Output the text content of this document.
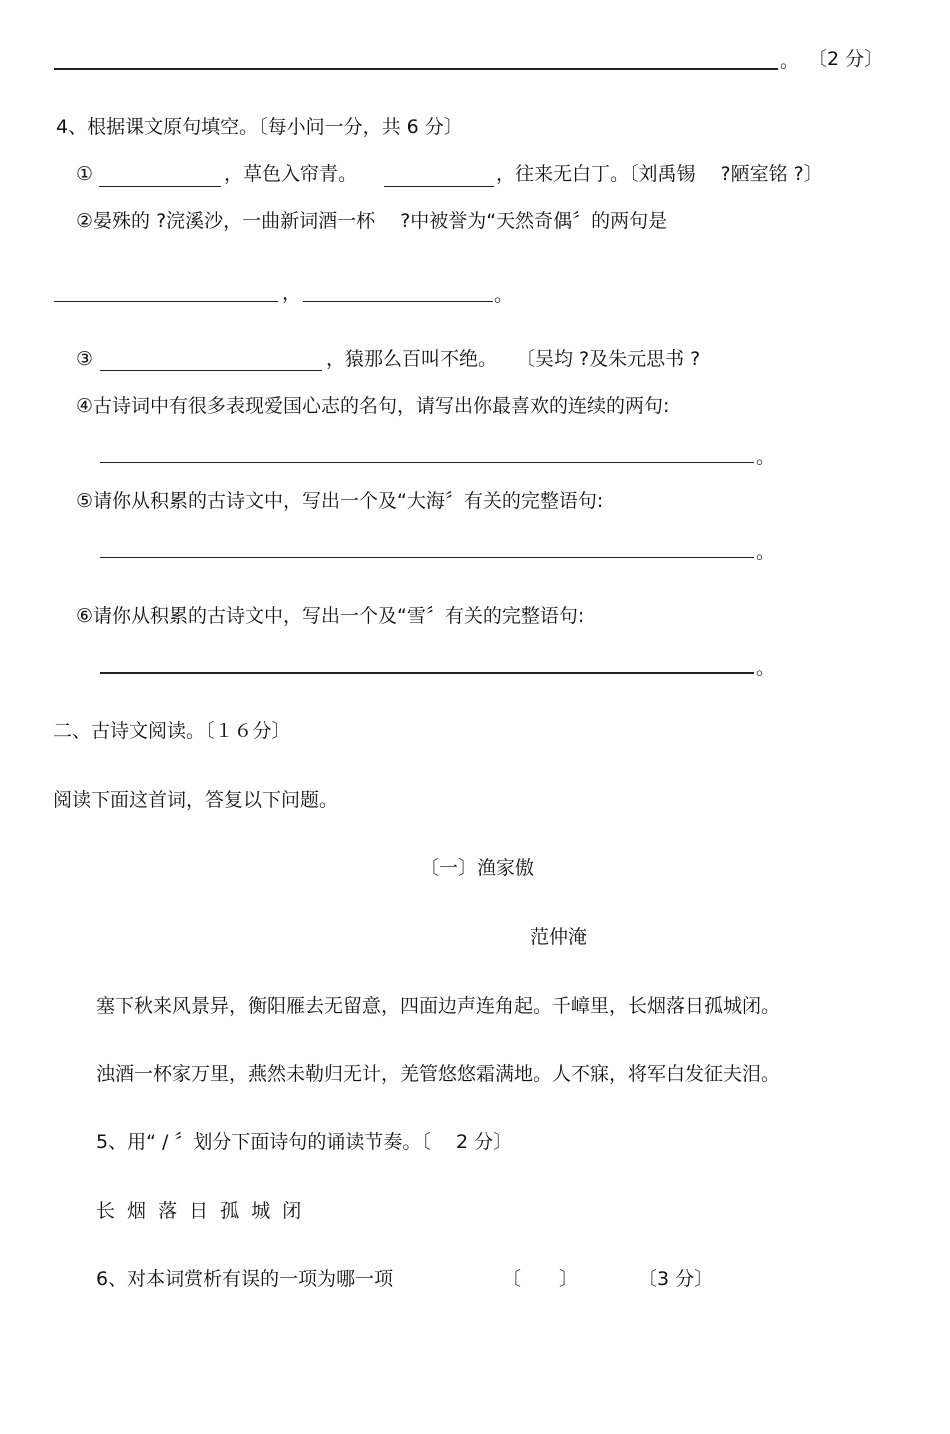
。 〔2 分〕
4、根据课文原句填空。〔每小问一分，共 6 分〕
①	，草色入帘青。	，往来无白丁。〔刘禹锡 　?陋室铭 ?〕
②晏殊的 ?浣溪沙，一曲新词酒一杯 　?中被誉为“天然奇偶〞的两句是
，	。
③	，猿那么百叫不绝。　　〔吴均 ?及朱元思书 ?
④古诗词中有很多表现爱国心志的名句，请写出你最喜欢的连续的两句:
。
⑤请你从积累的古诗文中，写出一个及“大海〞有关的完整语句:
。
⑥请你从积累的古诗文中，写出一个及“雪〞有关的完整语句:
。
二、古诗文阅读。〔１６分〕
阅读下面这首词，答复以下问题。
〔一〕渔家傲
范仲淹
塞下秋来风景异，衡阳雁去无留意，四面边声连角起。千嶂里，长烟落日孤城闭。
浊酒一杯家万里，燕然未勒归无计，羌管悠悠霜满地。人不寐，将军白发征夫泪。
5、用“ / 〞划分下面诗句的诵读节奏。〔　 2 分〕
长 烟 落 日 孤 城 闭
6、对本词赏析有误的一项为哪一项	〔　　〕	〔3 分〕
